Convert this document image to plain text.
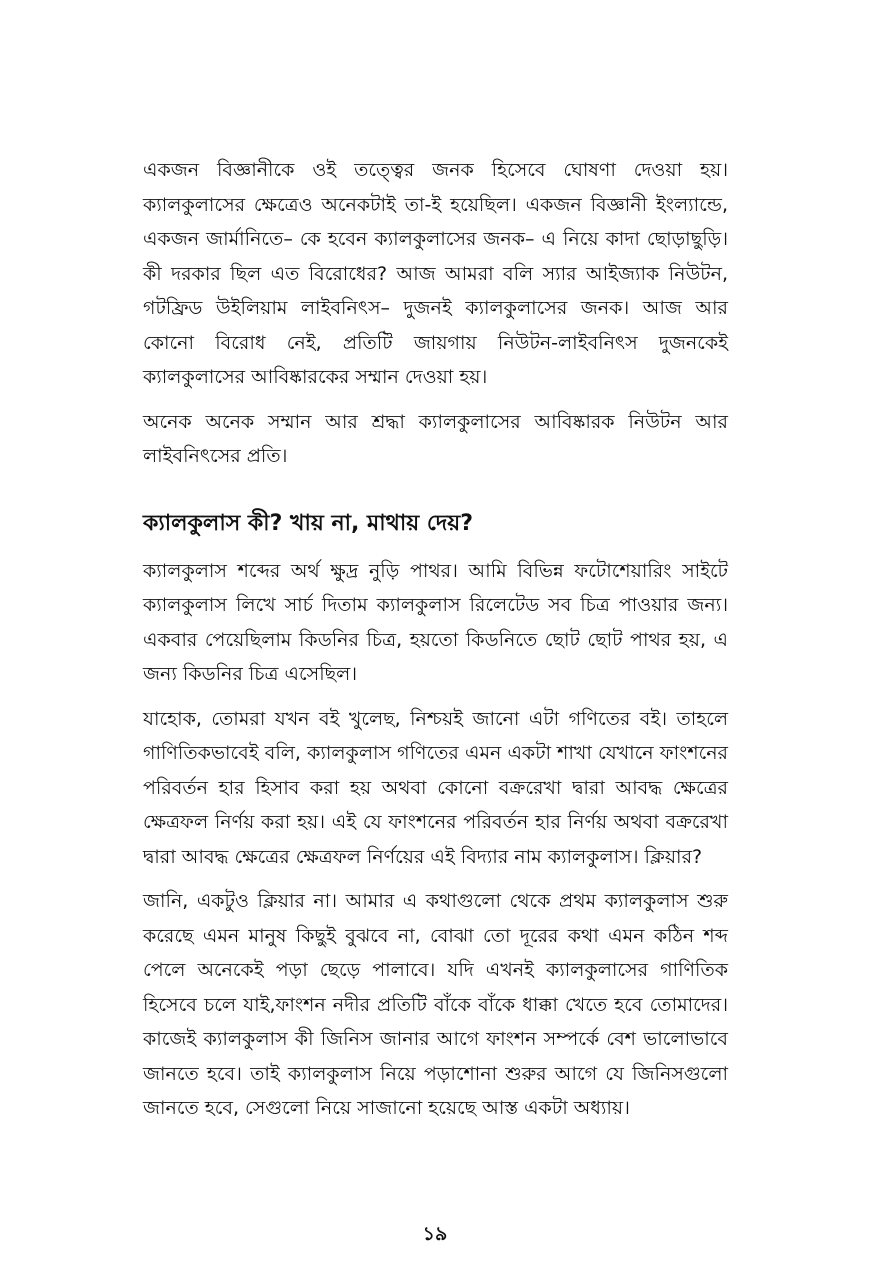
একজন বিজ্ঞানীকে ওই তত্ত্বের জনক হিসেবে ঘোষণা দেওয়া হয়। ক্যালকুলাসের ক্ষেত্রেও অনেকটাই তা-ই হয়েছিল। একজন বিজ্ঞানী ইংল্যান্ডে, একজন জার্মানিতে– কে হবেন ক্যালকুলাসের জনক– এ নিয়ে কাদা ছোড়াছুড়ি। কী দরকার ছিল এত বিরোধের? আজ আমরা বলি স্যার আইজ্যাক নিউটন, গটফ্রিড উইলিয়াম লাইবনিৎস– দুজনই ক্যালকুলাসের জনক। আজ আর কোনো বিরোধ নেই, প্রতিটি জায়গায় নিউটন-লাইবনিৎস দুজনকেই ক্যালকুলাসের আবিষ্কারকের সম্মান দেওয়া হয়।

অনেক অনেক সম্মান আর শ্রদ্ধা ক্যালকুলাসের আবিষ্কারক নিউটন আর লাইবনিৎসের প্রতি।

ক্যালকুলাস কী? খায় না, মাথায় দেয়?

ক্যালকুলাস শব্দের অর্থ ক্ষুদ্র নুড়ি পাথর। আমি বিভিন্ন ফটোশেয়ারিং সাইটে ক্যালকুলাস লিখে সার্চ দিতাম ক্যালকুলাস রিলেটেড সব চিত্র পাওয়ার জন্য। একবার পেয়েছিলাম কিডনির চিত্র, হয়তো কিডনিতে ছোট ছোট পাথর হয়, এ জন্য কিডনির চিত্র এসেছিল।

যাহোক, তোমরা যখন বই খুলেছ, নিশ্চয়ই জানো এটা গণিতের বই। তাহলে গাণিতিকভাবেই বলি, ক্যালকুলাস গণিতের এমন একটা শাখা যেখানে ফাংশনের পরিবর্তন হার হিসাব করা হয় অথবা কোনো বক্ররেখা দ্বারা আবদ্ধ ক্ষেত্রের ক্ষেত্রফল নির্ণয় করা হয়। এই যে ফাংশনের পরিবর্তন হার নির্ণয় অথবা বক্ররেখা দ্বারা আবদ্ধ ক্ষেত্রের ক্ষেত্রফল নির্ণয়ের এই বিদ্যার নাম ক্যালকুলাস। ক্লিয়ার?

জানি, একটুও ক্লিয়ার না। আমার এ কথাগুলো থেকে প্রথম ক্যালকুলাস শুরু করেছে এমন মানুষ কিছুই বুঝবে না, বোঝা তো দূরের কথা এমন কঠিন শব্দ পেলে অনেকেই পড়া ছেড়ে পালাবে। যদি এখনই ক্যালকুলাসের গাণিতিক হিসেবে চলে যাই,ফাংশন নদীর প্রতিটি বাঁকে বাঁকে ধাক্কা খেতে হবে তোমাদের। কাজেই ক্যালকুলাস কী জিনিস জানার আগে ফাংশন সম্পর্কে বেশ ভালোভাবে জানতে হবে। তাই ক্যালকুলাস নিয়ে পড়াশোনা শুরুর আগে যে জিনিসগুলো জানতে হবে, সেগুলো নিয়ে সাজানো হয়েছে আস্ত একটা অধ্যায়।

১৯
